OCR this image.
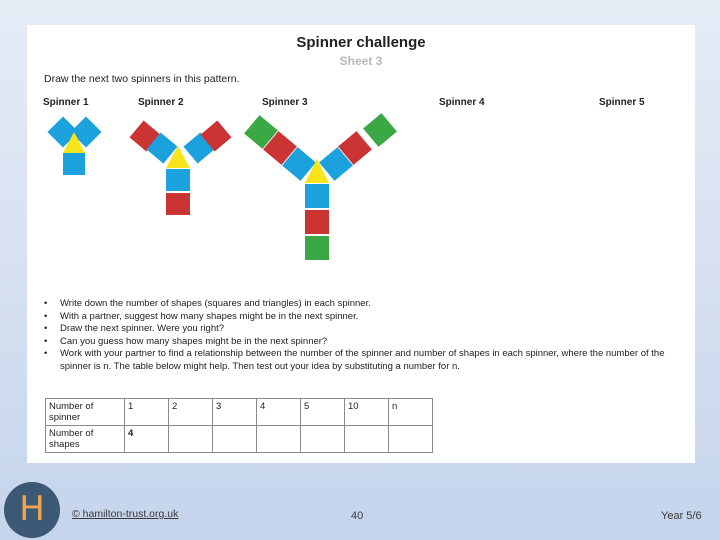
Spinner challenge
Sheet 3
Draw the next two spinners in this pattern.
Spinner 1	Spinner 2	Spinner 3	Spinner 4	Spinner 5
• Write down the number of shapes (squares and triangles) in each spinner.
• With a partner, suggest how many shapes might be in the next spinner.
• Draw the next spinner. Were you right?
• Can you guess how many shapes might be in the next spinner?
• Work with your partner to find a relationship between the number of the spinner and number of shapes in each spinner, where the number of the spinner is n. The table below might help. Then test out your idea by substituting a number for n.
Number of spinner	1	2	3	4	5	10	n
Number of shapes	4						
H	© hamilton-trust.org.uk	40	Year 5/6
